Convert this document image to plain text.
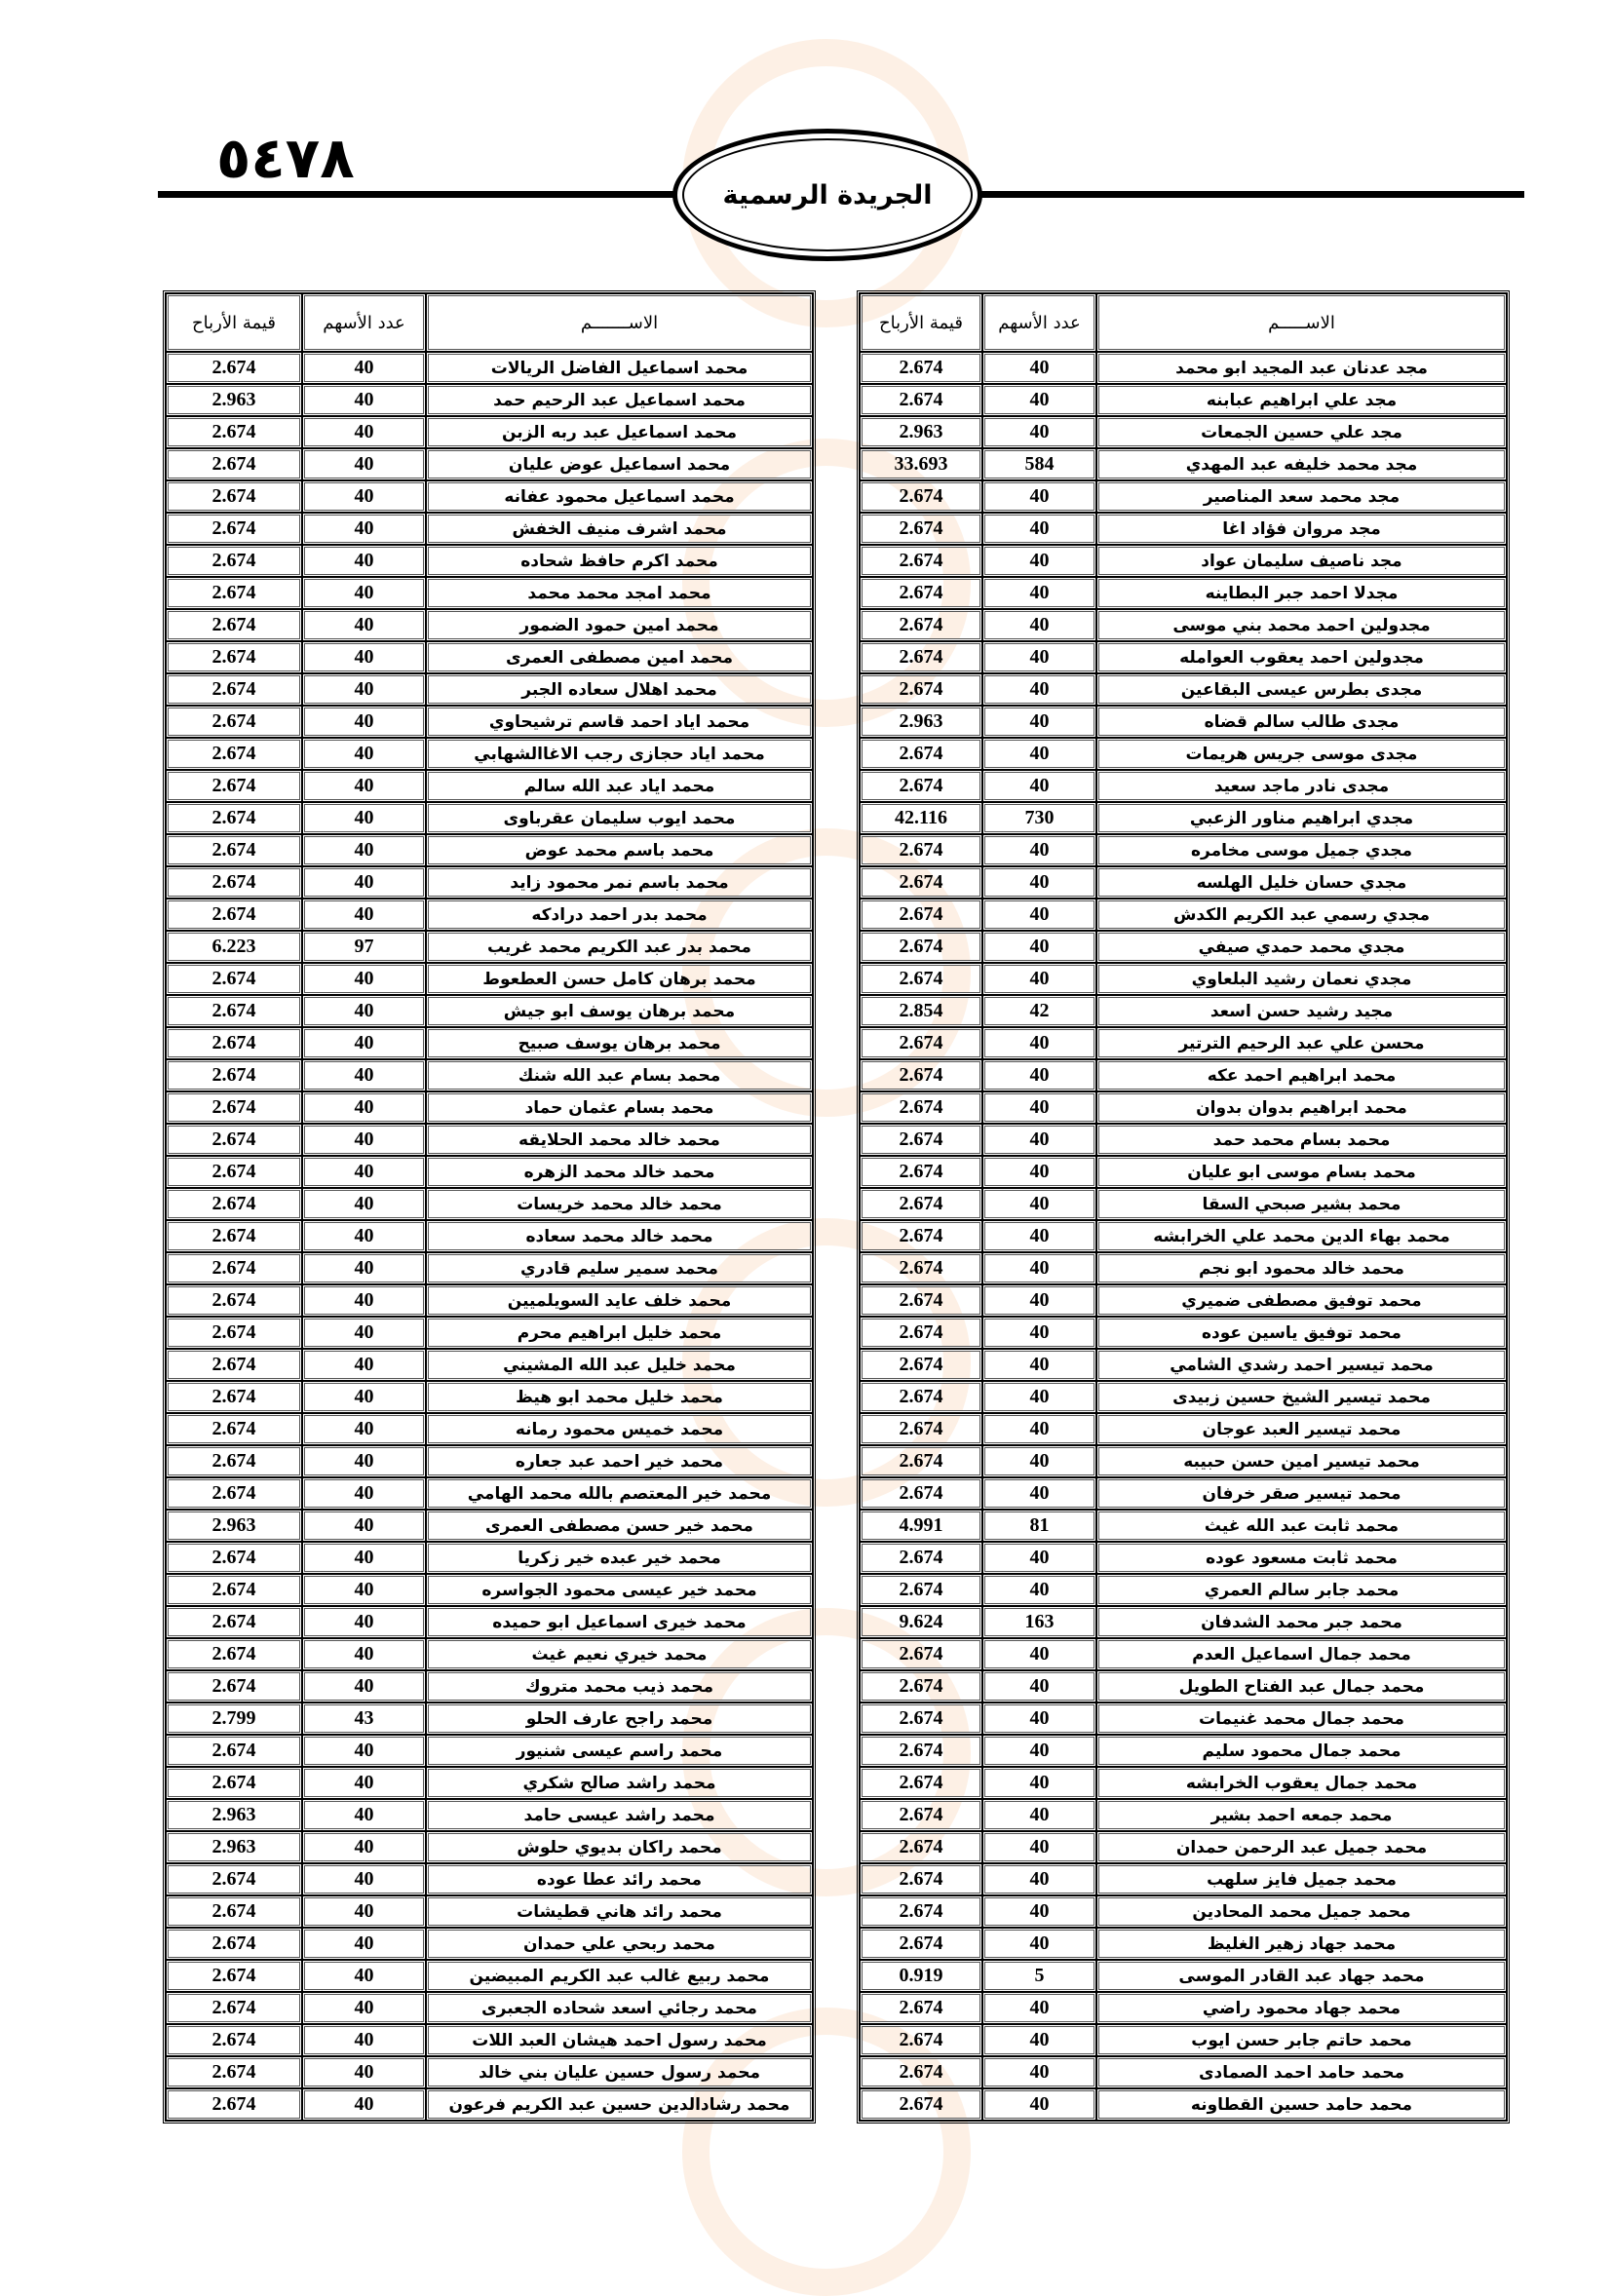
٥٤٧٨
الجريدة الرسمية
قيمة الأرباح	عدد الأسهم	الاســـــــم
2.674	40	محمد اسماعيل الفاضل الريالات
2.963	40	محمد اسماعيل عبد الرحيم حمد
2.674	40	محمد اسماعيل عبد ربه الزبن
2.674	40	محمد اسماعيل عوض عليان
2.674	40	محمد اسماعيل محمود عفانه
2.674	40	محمد اشرف منيف الخفش
2.674	40	محمد اكرم حافظ شحاده
2.674	40	محمد امجد محمد محمد
2.674	40	محمد امين حمود الضمور
2.674	40	محمد امين مصطفى العمرى
2.674	40	محمد اهلال سعاده الجبر
2.674	40	محمد اياد احمد قاسم ترشيحاوي
2.674	40	محمد اياد حجازى رجب الاغاالشهابي
2.674	40	محمد اياد عبد الله سالم
2.674	40	محمد ايوب سليمان عقرباوى
2.674	40	محمد باسم محمد عوض
2.674	40	محمد باسم نمر محمود زايد
2.674	40	محمد بدر احمد درادكه
6.223	97	محمد بدر عبد الكريم محمد غريب
2.674	40	محمد برهان كامل حسن العطعوط
2.674	40	محمد برهان يوسف ابو جيش
2.674	40	محمد برهان يوسف صبيح
2.674	40	محمد بسام عبد الله شنك
2.674	40	محمد بسام عثمان حماد
2.674	40	محمد خالد محمد الحلايقه
2.674	40	محمد خالد محمد الزهره
2.674	40	محمد خالد محمد خريسات
2.674	40	محمد خالد محمد سعاده
2.674	40	محمد سمير سليم قادري
2.674	40	محمد خلف عايد السويلميين
2.674	40	محمد خليل ابراهيم محرم
2.674	40	محمد خليل عبد الله المشيني
2.674	40	محمد خليل محمد ابو هيظ
2.674	40	محمد خميس محمود رمانه
2.674	40	محمد خير احمد عبد جعاره
2.674	40	محمد خير المعتصم بالله محمد الهامي
2.963	40	محمد خير حسن مصطفى العمرى
2.674	40	محمد خير عبده خير زكريا
2.674	40	محمد خير عيسى محمود الجواسره
2.674	40	محمد خيرى اسماعيل ابو حميده
2.674	40	محمد خيري نعيم غيث
2.674	40	محمد ذيب محمد متروك
2.799	43	محمد راجح عارف الحلو
2.674	40	محمد راسم عيسى شنيور
2.674	40	محمد راشد صالح شكري
2.963	40	محمد راشد عيسى حامد
2.963	40	محمد راكان بديوي حلوش
2.674	40	محمد رائد عطا عوده
2.674	40	محمد رائد هاني قطيشات
2.674	40	محمد ربحي علي حمدان
2.674	40	محمد ربيع غالب عبد الكريم المبيضين
2.674	40	محمد رجائي اسعد شحاده الجعبرى
2.674	40	محمد رسول احمد هيشان العبد اللات
2.674	40	محمد رسول حسين عليان بني خالد
2.674	40	محمد رشادالدين حسين عبد الكريم فرعون
قيمة الأرباح	عدد الأسهم	الاســـــم
2.674	40	مجد عدنان عبد المجيد ابو محمد
2.674	40	مجد علي ابراهيم عبابنه
2.963	40	مجد علي حسين الجمعات
33.693	584	مجد محمد خليفه عبد المهدي
2.674	40	مجد محمد سعد المناصير
2.674	40	مجد مروان فؤاد اغا
2.674	40	مجد ناصيف سليمان عواد
2.674	40	مجدلا احمد جبر البطاينه
2.674	40	مجدولين احمد محمد بني موسى
2.674	40	مجدولين احمد يعقوب العوامله
2.674	40	مجدى بطرس عيسى البقاعين
2.963	40	مجدى طالب سالم قضاه
2.674	40	مجدى موسى جريس هريمات
2.674	40	مجدى نادر ماجد سعيد
42.116	730	مجدي ابراهيم مناور الزعبي
2.674	40	مجدي جميل موسى مخامره
2.674	40	مجدي حسان خليل الهلسه
2.674	40	مجدي رسمي عبد الكريم الكدش
2.674	40	مجدي محمد حمدي صيفي
2.674	40	مجدي نعمان رشيد البلعاوي
2.854	42	مجيد رشيد حسن اسعد
2.674	40	محسن علي عبد الرحيم الترتير
2.674	40	محمد ابراهيم احمد عكه
2.674	40	محمد ابراهيم بدوان بدوان
2.674	40	محمد بسام محمد حمد
2.674	40	محمد بسام موسى ابو عليان
2.674	40	محمد بشير صبحي السقا
2.674	40	محمد بهاء الدين محمد علي الخرابشه
2.674	40	محمد خالد محمود ابو نجم
2.674	40	محمد توفيق مصطفى ضميري
2.674	40	محمد توفيق ياسين عوده
2.674	40	محمد تيسير احمد رشدي الشامي
2.674	40	محمد تيسير الشيخ حسين زبيدى
2.674	40	محمد تيسير العبد عوجان
2.674	40	محمد تيسير امين حسن حبيبه
2.674	40	محمد تيسير صقر خرفان
4.991	81	محمد ثابت عبد الله غيث
2.674	40	محمد ثابت مسعود عوده
2.674	40	محمد جابر سالم العمري
9.624	163	محمد جبر محمد الشدفان
2.674	40	محمد جمال اسماعيل العدم
2.674	40	محمد جمال عبد الفتاح الطويل
2.674	40	محمد جمال محمد غنيمات
2.674	40	محمد جمال محمود سليم
2.674	40	محمد جمال يعقوب الخرابشه
2.674	40	محمد جمعه احمد بشير
2.674	40	محمد جميل عبد الرحمن حمدان
2.674	40	محمد جميل فايز سلهب
2.674	40	محمد جميل محمد المحادين
2.674	40	محمد جهاد زهير الغليظ
0.919	5	محمد جهاد عبد القادر الموسى
2.674	40	محمد جهاد محمود راضي
2.674	40	محمد حاتم جابر حسن ايوب
2.674	40	محمد حامد احمد الصمادى
2.674	40	محمد حامد حسين القطاونه
